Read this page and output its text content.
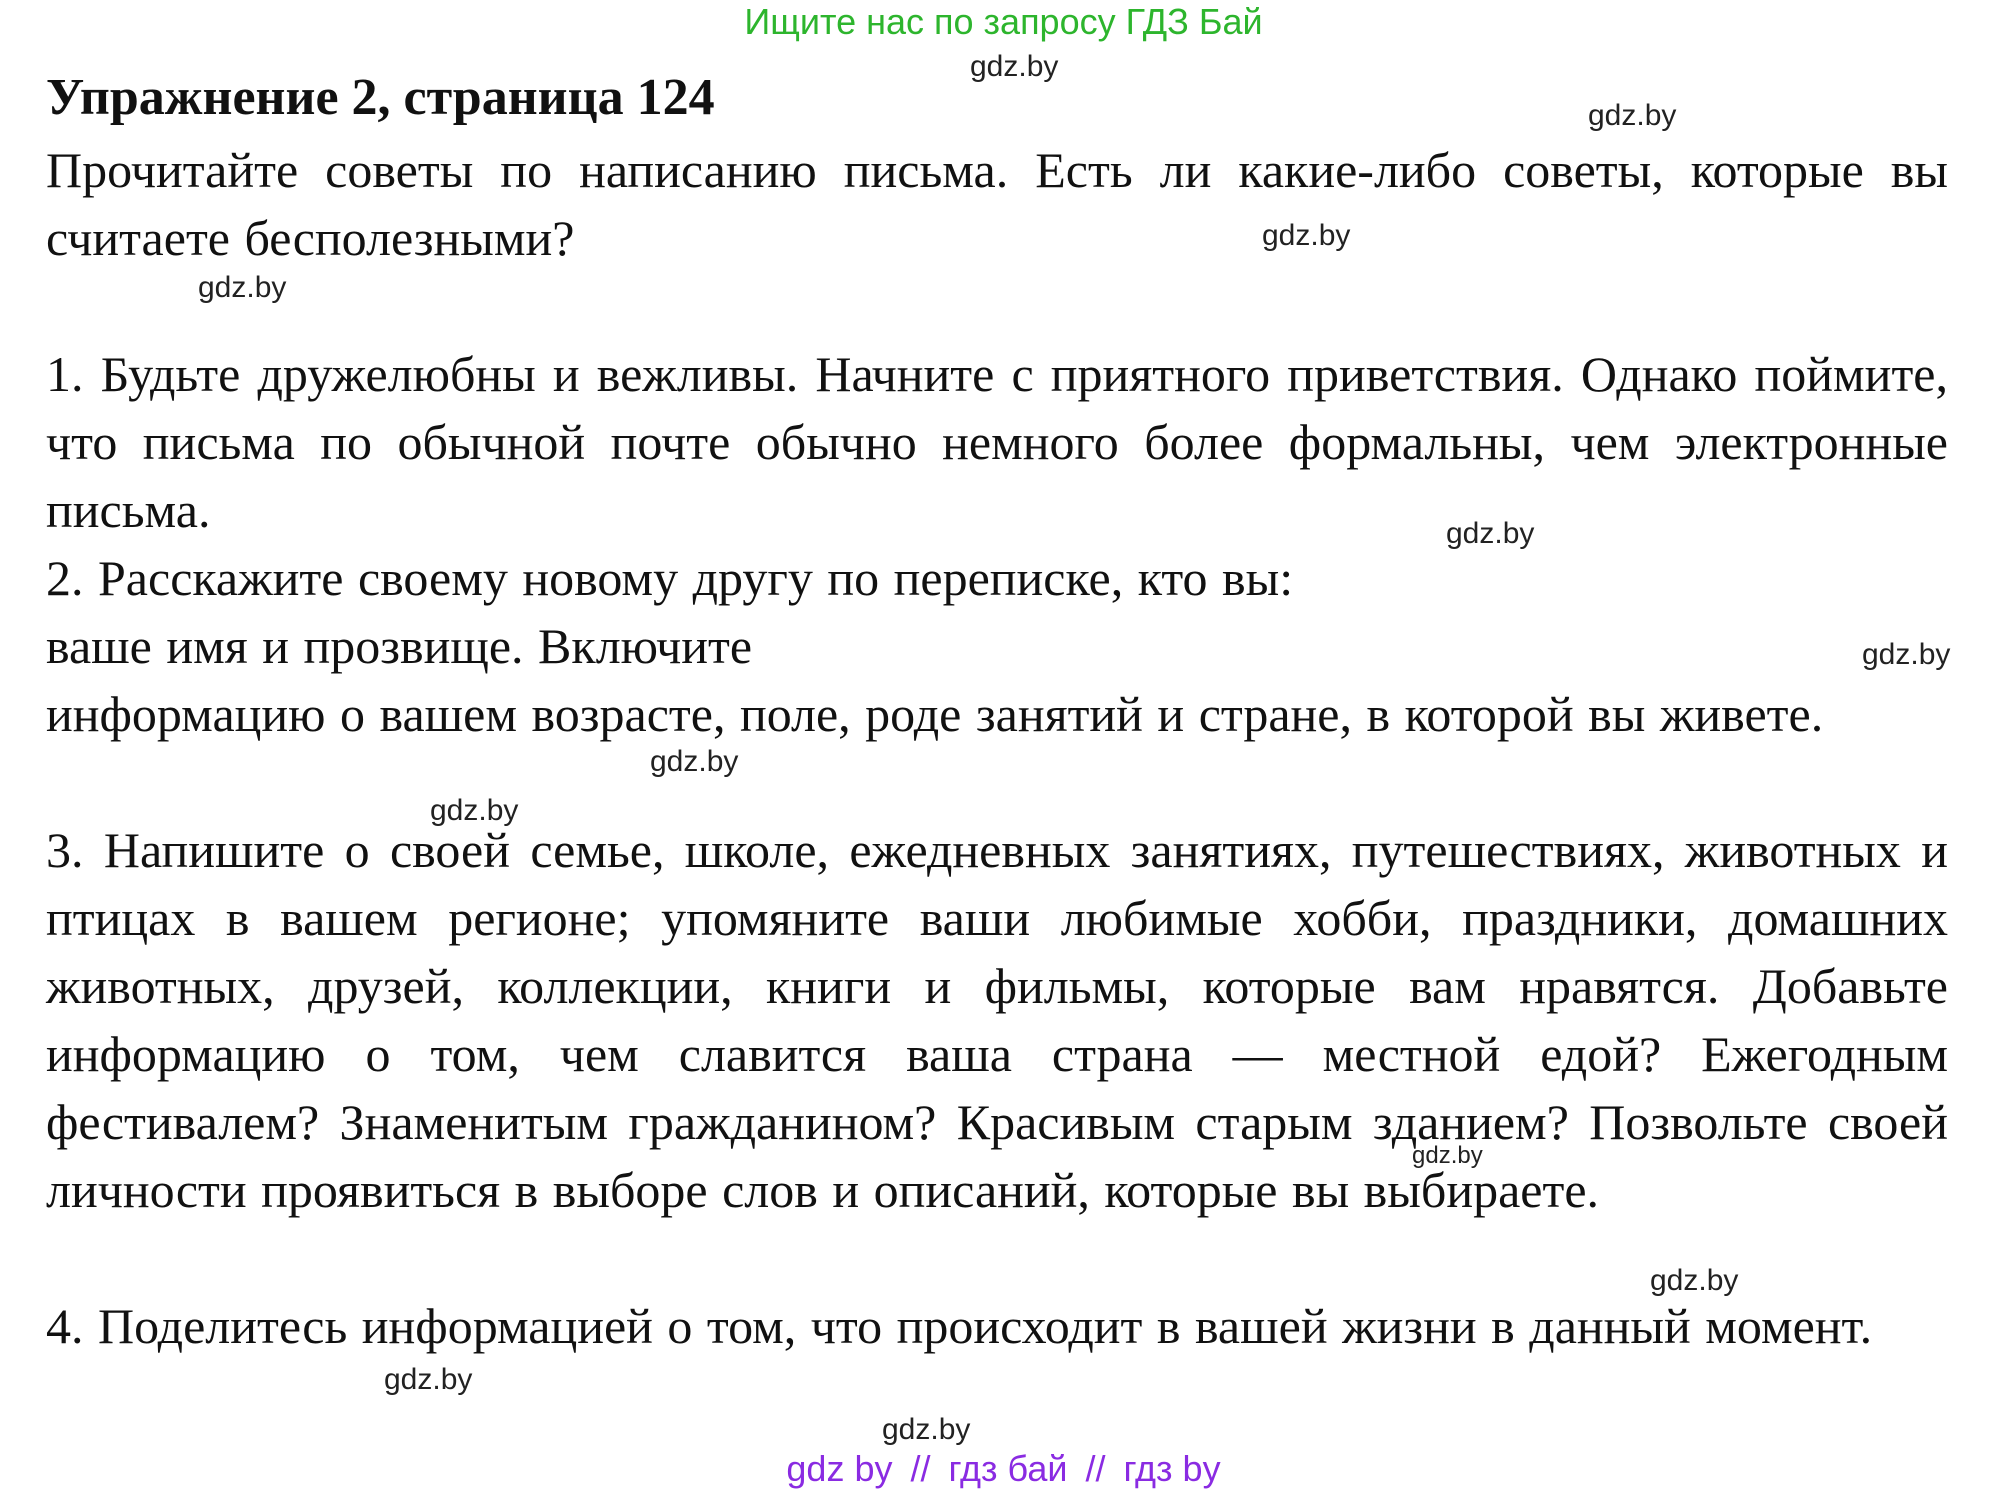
Ищите нас по запросу ГДЗ Бай
Упражнение 2, страница 124

Прочитайте советы по написанию письма. Есть ли какие-либо советы, которые вы считаете бесполезными?

1. Будьте дружелюбны и вежливы. Начните с приятного приветствия. Однако поймите, что письма по обычной почте обычно немного более формальны, чем электронные письма.

2. Расскажите своему новому другу по переписке, кто вы:

ваше имя и прозвище. Включите

информацию о вашем возрасте, поле, роде занятий и стране, в которой вы живете.

3. Напишите о своей семье, школе, ежедневных занятиях, путешествиях, животных и птицах в вашем регионе; упомяните ваши любимые хобби, праздники, домашних животных, друзей, коллекции, книги и фильмы, которые вам нравятся. Добавьте информацию о том, чем славится ваша страна — местной едой? Ежегодным фестивалем? Знаменитым гражданином? Красивым старым зданием? Позвольте своей личности проявиться в выборе слов и описаний, которые вы выбираете.

4. Поделитесь информацией о том, что происходит в вашей жизни в данный момент.

gdz.by
gdz.by
gdz.by
gdz.by
gdz.by
gdz.by
gdz.by
gdz.by
gdz.by
gdz.by
gdz.by
gdz.by
gdz by // гдз бай // гдз by
